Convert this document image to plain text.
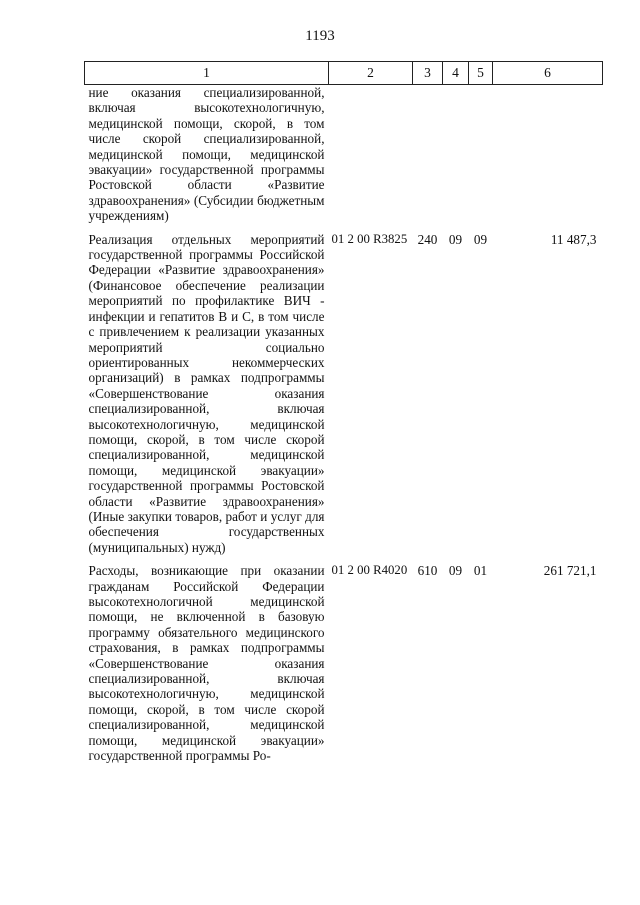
1193
1	2	3	4	5	6
ние оказания специализированной, включая высокотехнологичную, медицинской помощи, скорой, в том числе скорой специализированной, медицинской помощи, медицинской эвакуации» государственной программы Ростовской области «Развитие здравоохранения» (Субсидии бюджетным учреждениям)					
Реализация отдельных мероприятий государственной программы Российской Федерации «Развитие здравоохранения» (Финансовое обеспечение реализации мероприятий по профилактике ВИЧ - инфекции и гепатитов B и C, в том числе с привлечением к реализации указанных мероприятий социально ориентированных некоммерческих организаций) в рамках подпрограммы «Совершенствование оказания специализированной, включая высокотехнологичную, медицинской помощи, скорой, в том числе скорой специализированной, медицинской помощи, медицинской эвакуации» государственной программы Ростовской области «Развитие здравоохранения» (Иные закупки товаров, работ и услуг для обеспечения государственных (муниципальных) нужд)	01 2 00 R3825	240	09	09	11 487,3
Расходы, возникающие при оказании гражданам Российской Федерации высокотехнологичной медицинской помощи, не включенной в базовую программу обязательного медицинского страхования, в рамках подпрограммы «Совершенствование оказания специализированной, включая высокотехнологичную, медицинской помощи, скорой, в том числе скорой специализированной, медицинской помощи, медицинской эвакуации» государственной программы Ро-	01 2 00 R4020	610	09	01	261 721,1
